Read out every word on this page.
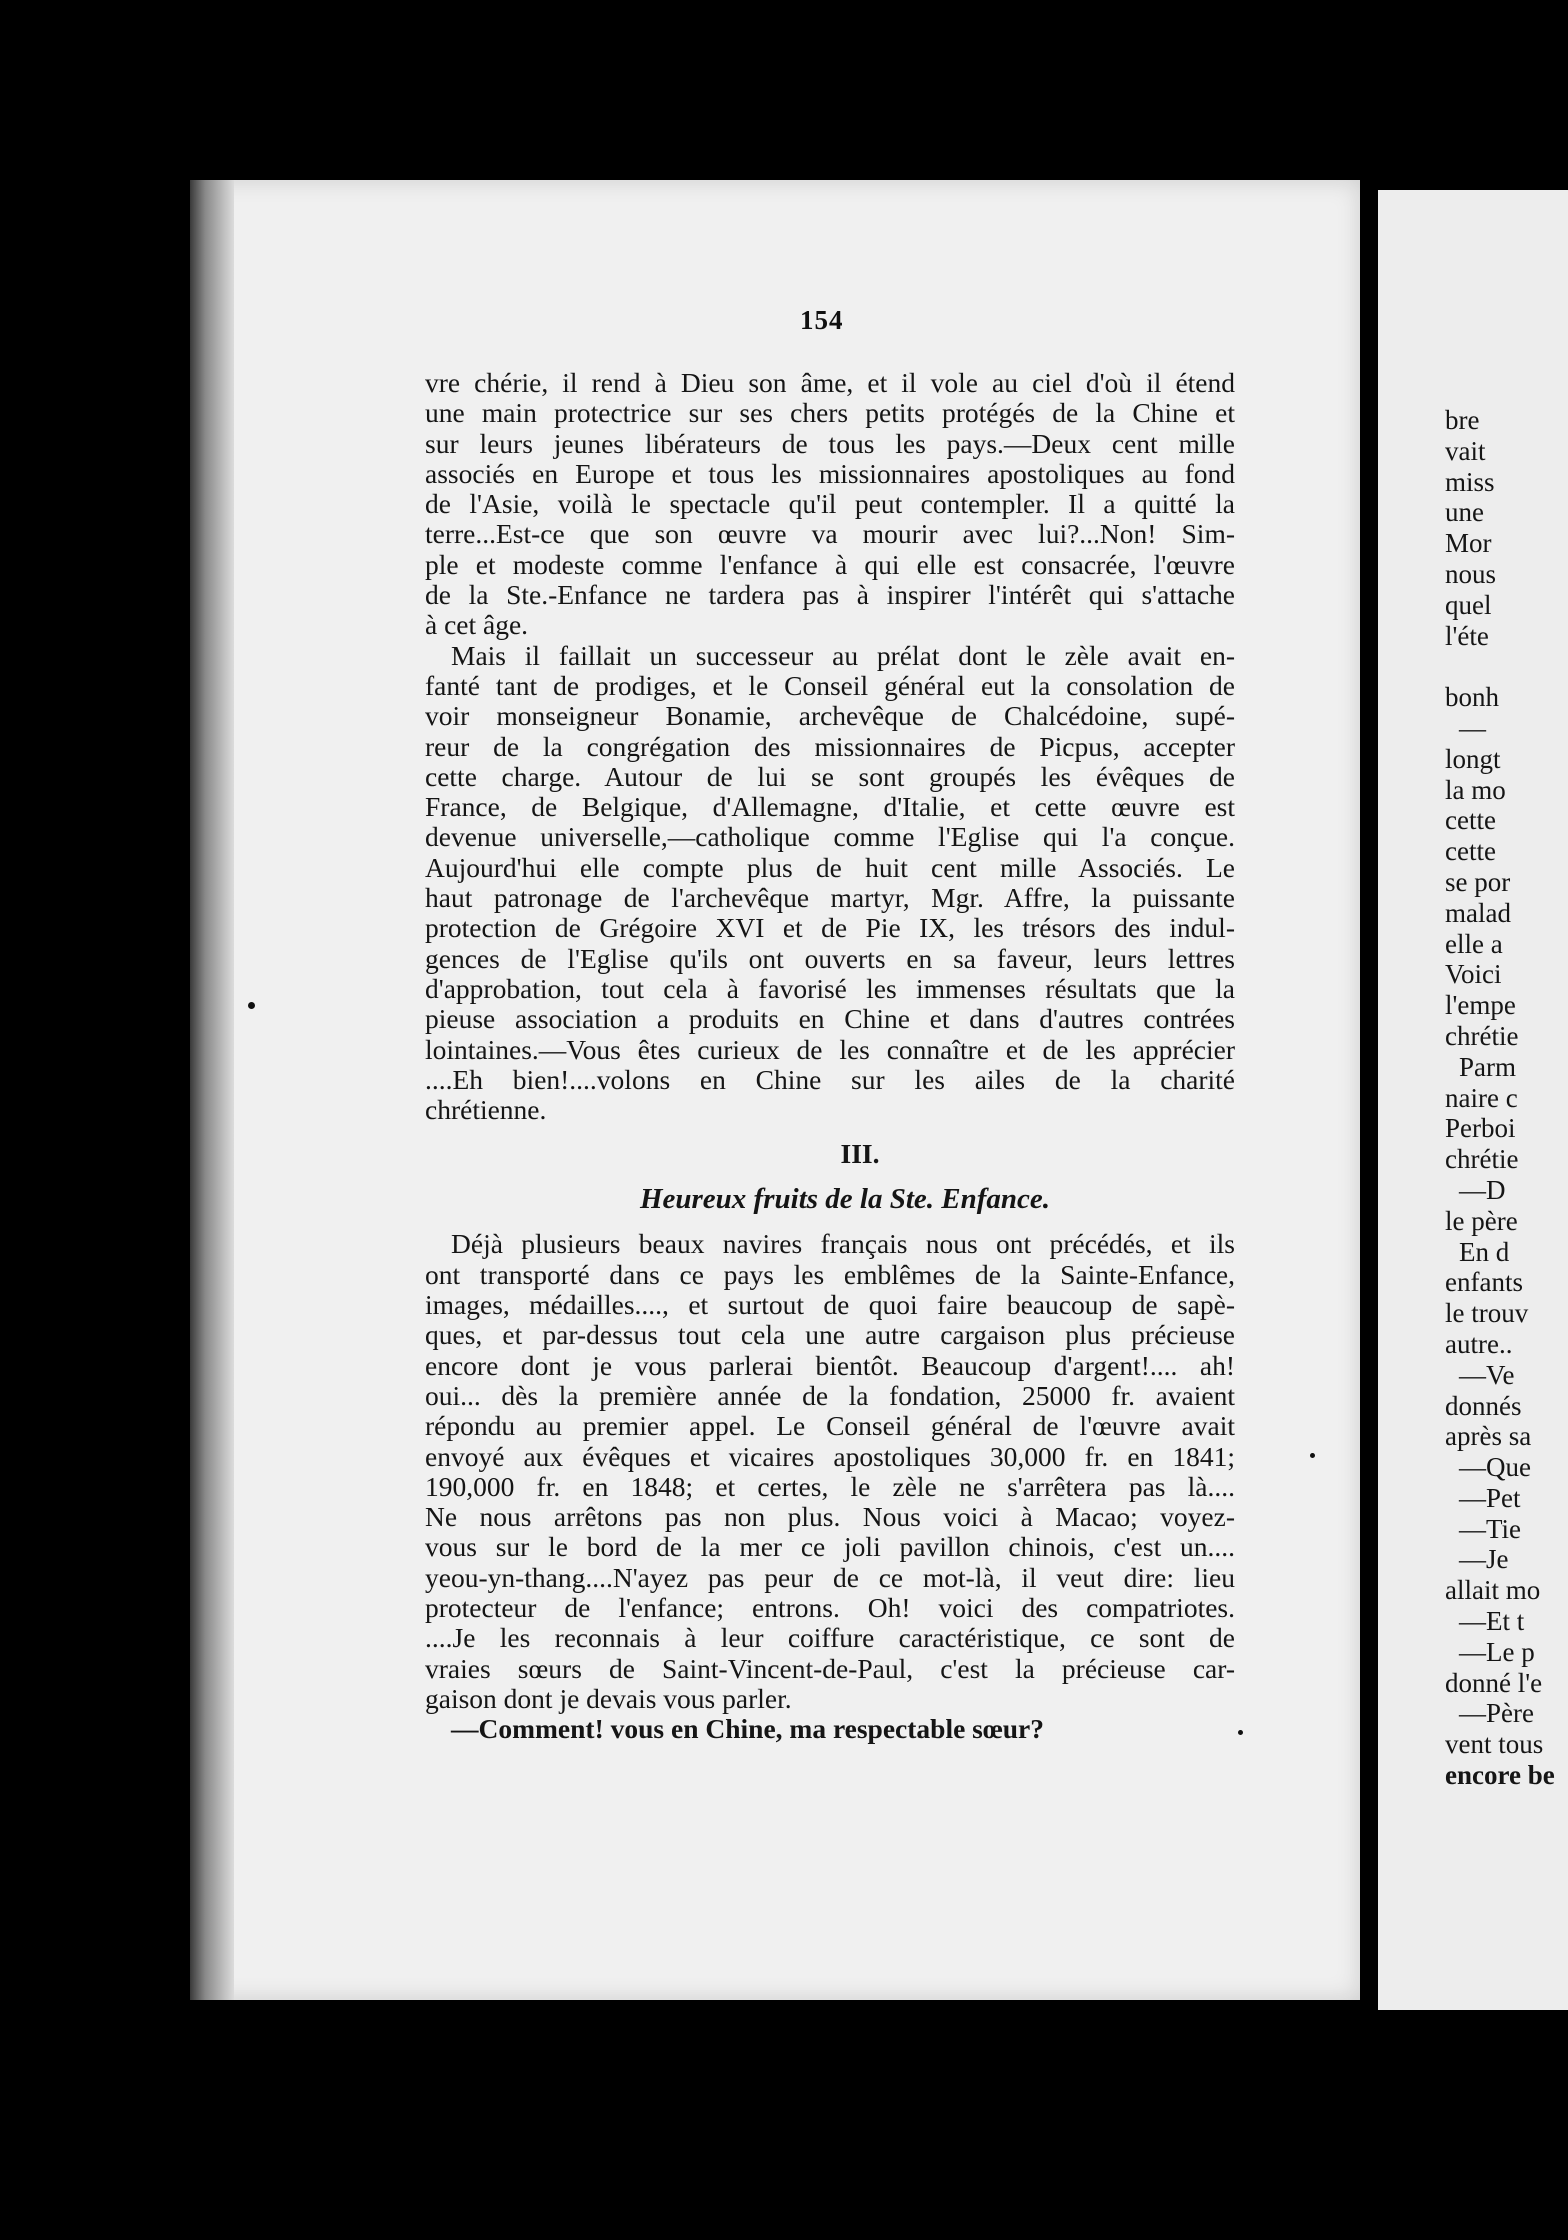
154
vre chérie, il rend à Dieu son âme, et il vole au ciel d'où il étend
une main protectrice sur ses chers petits protégés de la Chine et
sur leurs jeunes libérateurs de tous les pays.—Deux cent mille
associés en Europe et tous les missionnaires apostoliques au fond
de l'Asie, voilà le spectacle qu'il peut contempler. Il a quitté la
terre...Est-ce que son œuvre va mourir avec lui?...Non! Sim-
ple et modeste comme l'enfance à qui elle est consacrée, l'œuvre
de la Ste.-Enfance ne tardera pas à inspirer l'intérêt qui s'attache
à cet âge.
Mais il faillait un successeur au prélat dont le zèle avait en-
fanté tant de prodiges, et le Conseil général eut la consolation de
voir monseigneur Bonamie, archevêque de Chalcédoine, supé-
reur de la congrégation des missionnaires de Picpus, accepter
cette charge. Autour de lui se sont groupés les évêques de
France, de Belgique, d'Allemagne, d'Italie, et cette œuvre est
devenue universelle,—catholique comme l'Eglise qui l'a conçue.
Aujourd'hui elle compte plus de huit cent mille Associés. Le
haut patronage de l'archevêque martyr, Mgr. Affre, la puissante
protection de Grégoire XVI et de Pie IX, les trésors des indul-
gences de l'Eglise qu'ils ont ouverts en sa faveur, leurs lettres
d'approbation, tout cela à favorisé les immenses résultats que la
pieuse association a produits en Chine et dans d'autres contrées
lointaines.—Vous êtes curieux de les connaître et de les apprécier
....Eh bien!....volons en Chine sur les ailes de la charité
chrétienne.
III.
Heureux fruits de la Ste. Enfance.
Déjà plusieurs beaux navires français nous ont précédés, et ils
ont transporté dans ce pays les emblêmes de la Sainte-Enfance,
images, médailles...., et surtout de quoi faire beaucoup de sapè-
ques, et par-dessus tout cela une autre cargaison plus précieuse
encore dont je vous parlerai bientôt. Beaucoup d'argent!.... ah!
oui... dès la première année de la fondation, 25000 fr. avaient
répondu au premier appel. Le Conseil général de l'œuvre avait
envoyé aux évêques et vicaires apostoliques 30,000 fr. en 1841;
190,000 fr. en 1848; et certes, le zèle ne s'arrêtera pas là....
Ne nous arrêtons pas non plus. Nous voici à Macao; voyez-
vous sur le bord de la mer ce joli pavillon chinois, c'est un....
yeou-yn-thang....N'ayez pas peur de ce mot-là, il veut dire: lieu
protecteur de l'enfance; entrons. Oh! voici des compatriotes.
....Je les reconnais à leur coiffure caractéristique, ce sont de
vraies sœurs de Saint-Vincent-de-Paul, c'est la précieuse car-
gaison dont je devais vous parler.
—Comment! vous en Chine, ma respectable sœur?
bre
vait
miss
une
Mor
nous
quel
l'éte
bonh
—
longt
la mo
cette
cette
se por
malad
elle a
Voici
l'empe
chrétie
Parm
naire c
Perboi
chrétie
—D
le père
En d
enfants
le trouv
autre..
—Ve
donnés
après sa
—Que
—Pet
—Tie
—Je
allait mo
—Et t
—Le p
donné l'e
—Père
vent tous
encore be
